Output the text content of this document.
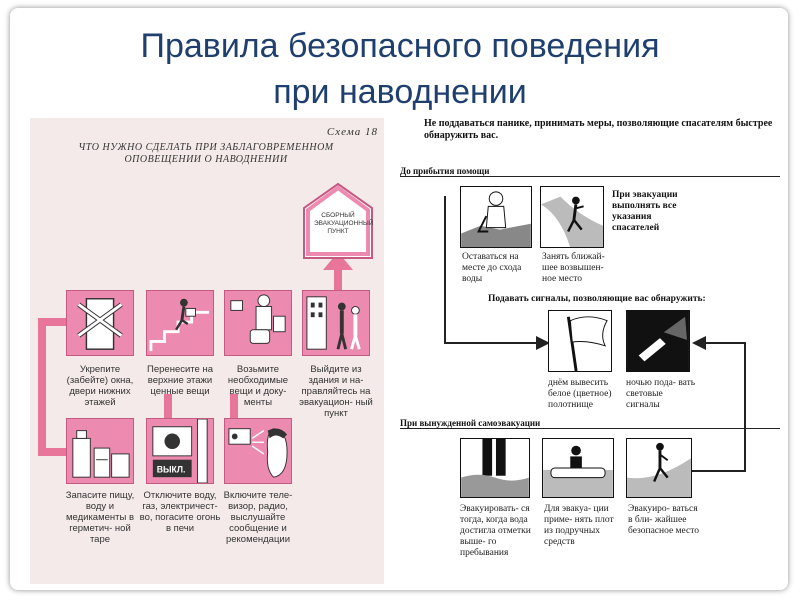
Правила безопасного поведения
при наводнении
Схема 18
ЧТО НУЖНО СДЕЛАТЬ ПРИ ЗАБЛАГОВРЕМЕННОМ ОПОВЕЩЕНИИ О НАВОДНЕНИИ
СБОРНЫЙ ЭВАКУАЦИОННЫЙ ПУНКТ
Укрепите (забейте) окна, двери нижних этажей
Перенесите на верхние этажи ценные вещи
Возьмите необходимые вещи и доку- менты
Выйдите из здания и на- правляйтесь на эвакуацион- ный пункт
ВЫКЛ.
Запасите пищу, воду и медикаменты в герметич- ной таре
Отключите воду, газ, электричест- во, погасите огонь в печи
Включите теле- визор, радио, выслушайте сообщение и рекомендации
Не поддаваться панике, принимать меры, позволяющие спасателям быстрее обнаружить вас.
До прибытия помощи
При эвакуации выполнять все указания спасателей
Оставаться на месте до схода воды
Занять ближай- шее возвышен- ное место
Подавать сигналы, позволяющие вас обнаружить:
днём вывесить белое (цветное) полотнище
ночью пода- вать световые сигналы
При вынужденной самоэвакуации
Эвакуировать- ся тогда, когда вода достигла отметки выше- го пребывания
Для эвакуа- ции приме- нять плот из подручных средств
Эвакуиро- ваться в бли- жайшее безопасное место
